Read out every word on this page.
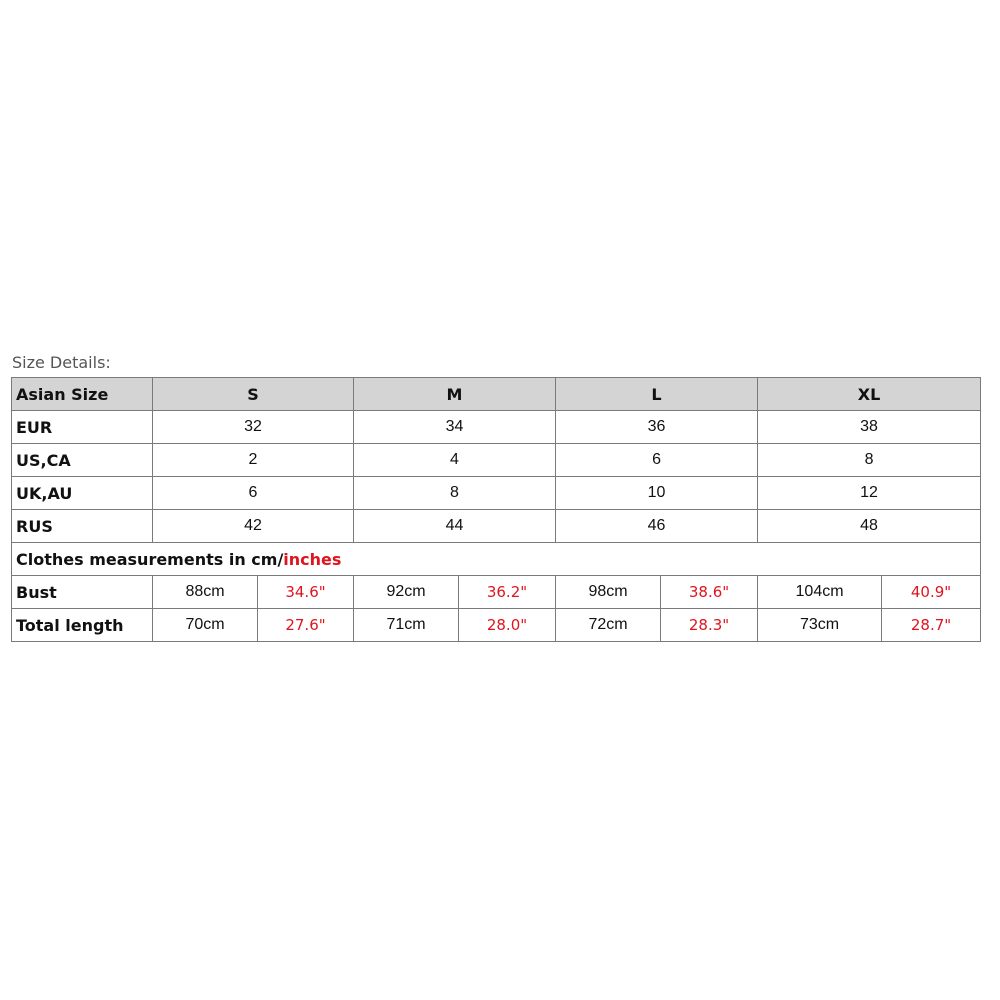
Size Details:
Asian Size	S		M		L		XL	
EUR	32		34		36		38	
US,CA	2		4		6		8	
UK,AU	6		8		10		12	
RUS	42		44		46		48	
Clothes measurements in cm/inches								
Bust	88cm	34.6"	92cm	36.2"	98cm	38.6"	104cm	40.9"
Total length	70cm	27.6"	71cm	28.0"	72cm	28.3"	73cm	28.7"
